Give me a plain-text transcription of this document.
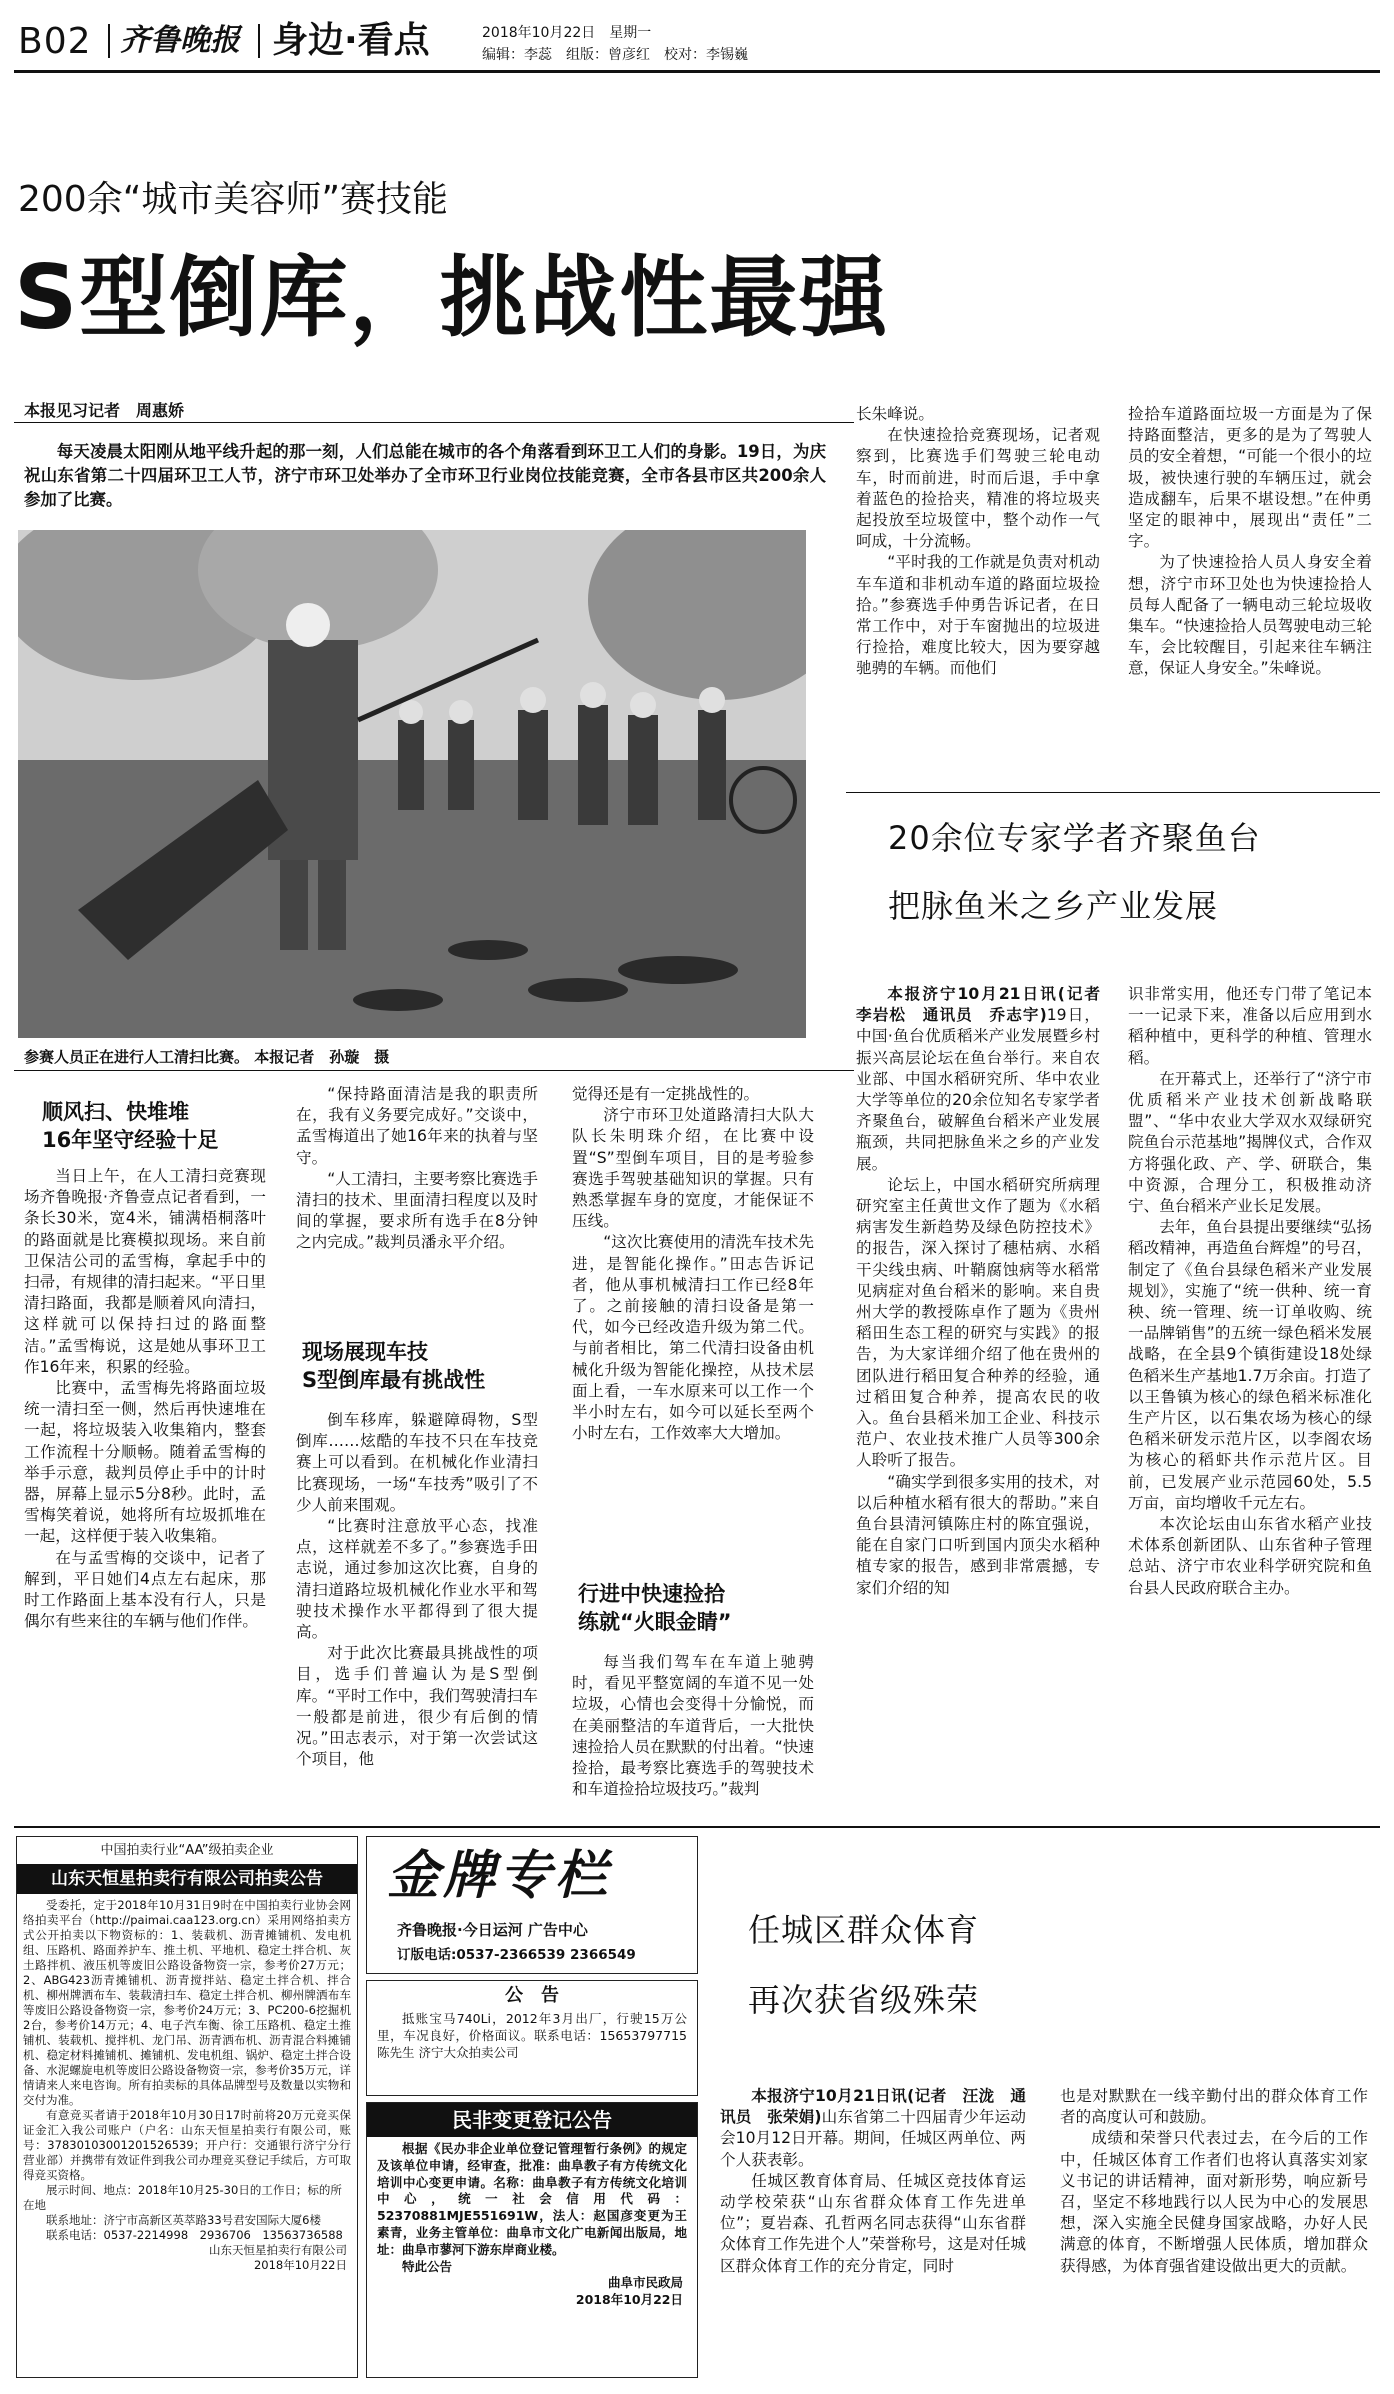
B02 齐鲁晚报 身边·看点	2018年10月22日　 星期一
编辑：李蕊　组版：曾彦红　校对：李锡巍
200余“城市美容师”赛技能
S型倒库，挑战性最强
本报见习记者　周惠娇
每天凌晨太阳刚从地平线升起的那一刻，人们总能在城市的各个角落看到环卫工人们的身影。19日，为庆祝山东省第二十四届环卫工人节，济宁市环卫处举办了全市环卫行业岗位技能竞赛，全市各县市区共200余人参加了比赛。
参赛人员正在进行人工清扫比赛。 本报记者　孙璇　摄
顺风扫、快堆堆
16年坚守经验十足

当日上午，在人工清扫竞赛现场齐鲁晚报·齐鲁壹点记者看到，一条长30米，宽4米，铺满梧桐落叶的路面就是比赛模拟现场。来自前卫保洁公司的孟雪梅，拿起手中的扫帚，有规律的清扫起来。“平日里清扫路面，我都是顺着风向清扫，这样就可以保持扫过的路面整洁。”孟雪梅说，这是她从事环卫工作16年来，积累的经验。

比赛中，孟雪梅先将路面垃圾统一清扫至一侧，然后再快速堆在一起，将垃圾装入收集箱内，整套工作流程十分顺畅。随着孟雪梅的举手示意，裁判员停止手中的计时器，屏幕上显示5分8秒。此时，孟雪梅笑着说，她将所有垃圾抓堆在一起，这样便于装入收集箱。

在与孟雪梅的交谈中，记者了解到，平日她们4点左右起床，那时工作路面上基本没有行人，只是偶尔有些来往的车辆与他们作伴。

“保持路面清洁是我的职责所在，我有义务要完成好。”交谈中，孟雪梅道出了她16年来的执着与坚守。

“人工清扫，主要考察比赛选手清扫的技术、里面清扫程度以及时间的掌握，要求所有选手在8分钟之内完成。”裁判员潘永平介绍。

现场展现车技
S型倒库最有挑战性

倒车移库，躲避障碍物，S型倒库……炫酷的车技不只在车技竞赛上可以看到。在机械化作业清扫比赛现场，一场“车技秀”吸引了不少人前来围观。

“比赛时注意放平心态，找准点，这样就差不多了。”参赛选手田志说，通过参加这次比赛，自身的清扫道路垃圾机械化作业水平和驾驶技术操作水平都得到了很大提高。

对于此次比赛最具挑战性的项目，选手们普遍认为是S型倒库。“平时工作中，我们驾驶清扫车一般都是前进，很少有后倒的情况。”田志表示，对于第一次尝试这个项目，他

觉得还是有一定挑战性的。

济宁市环卫处道路清扫大队大队长朱明珠介绍，在比赛中设置“S”型倒车项目，目的是考验参赛选手驾驶基础知识的掌握。只有熟悉掌握车身的宽度，才能保证不压线。

“这次比赛使用的清洗车技术先进，是智能化操作。”田志告诉记者，他从事机械清扫工作已经8年了。之前接触的清扫设备是第一代，如今已经改造升级为第二代。与前者相比，第二代清扫设备由机械化升级为智能化操控，从技术层面上看，一车水原来可以工作一个半小时左右，如今可以延长至两个小时左右，工作效率大大增加。

行进中快速捡拾
练就“火眼金睛”

每当我们驾车在车道上驰骋时，看见平整宽阔的车道不见一处垃圾，心情也会变得十分愉悦，而在美丽整洁的车道背后，一大批快速捡拾人员在默默的付出着。“快速捡拾，最考察比赛选手的驾驶技术和车道捡拾垃圾技巧。”裁判

长朱峰说。

在快速捡拾竞赛现场，记者观察到，比赛选手们驾驶三轮电动车，时而前进，时而后退，手中拿着蓝色的捡拾夹，精准的将垃圾夹起投放至垃圾筐中，整个动作一气呵成，十分流畅。

“平时我的工作就是负责对机动车车道和非机动车道的路面垃圾捡拾。”参赛选手仲勇告诉记者，在日常工作中，对于车窗抛出的垃圾进行捡拾，难度比较大，因为要穿越驰骋的车辆。而他们

捡拾车道路面垃圾一方面是为了保持路面整洁，更多的是为了驾驶人员的安全着想，“可能一个很小的垃圾，被快速行驶的车辆压过，就会造成翻车，后果不堪设想。”在仲勇坚定的眼神中，展现出“责任”二字。

为了快速捡拾人员人身安全着想，济宁市环卫处也为快速捡拾人员每人配备了一辆电动三轮垃圾收集车。“快速捡拾人员驾驶电动三轮车，会比较醒目，引起来往车辆注意，保证人身安全。”朱峰说。

20余位专家学者齐聚鱼台
把脉鱼米之乡产业发展

本报济宁10月21日讯(记者　李岩松　通讯员　乔志宇)19日，中国·鱼台优质稻米产业发展暨乡村振兴高层论坛在鱼台举行。来自农业部、中国水稻研究所、华中农业大学等单位的20余位知名专家学者齐聚鱼台，破解鱼台稻米产业发展瓶颈，共同把脉鱼米之乡的产业发展。

论坛上，中国水稻研究所病理研究室主任黄世文作了题为《水稻病害发生新趋势及绿色防控技术》的报告，深入探讨了穗枯病、水稻干尖线虫病、叶鞘腐蚀病等水稻常见病症对鱼台稻米的影响。来自贵州大学的教授陈卓作了题为《贵州稻田生态工程的研究与实践》的报告，为大家详细介绍了他在贵州的团队进行稻田复合种养的经验，通过稻田复合种养，提高农民的收入。鱼台县稻米加工企业、科技示范户、农业技术推广人员等300余人聆听了报告。

“确实学到很多实用的技术，对以后种植水稻有很大的帮助。”来自鱼台县清河镇陈庄村的陈宜强说，能在自家门口听到国内顶尖水稻种植专家的报告，感到非常震撼，专家们介绍的知

识非常实用，他还专门带了笔记本一一记录下来，准备以后应用到水稻种植中，更科学的种植、管理水稻。

在开幕式上，还举行了“济宁市优质稻米产业技术创新战略联盟”、“华中农业大学双水双绿研究院鱼台示范基地”揭牌仪式，合作双方将强化政、产、学、研联合，集中资源，合理分工，积极推动济宁、鱼台稻米产业长足发展。

去年，鱼台县提出要继续“弘扬稻改精神，再造鱼台辉煌”的号召，制定了《鱼台县绿色稻米产业发展规划》，实施了“统一供种、统一育秧、统一管理、统一订单收购、统一品牌销售”的五统一绿色稻米发展战略，在全县9个镇街建设18处绿色稻米生产基地1.7万余亩。打造了以王鲁镇为核心的绿色稻米标准化生产片区，以石集农场为核心的绿色稻米研发示范片区，以李阁农场为核心的稻虾共作示范片区。目前，已发展产业示范园60处，5.5万亩，亩均增收千元左右。

本次论坛由山东省水稻产业技术体系创新团队、山东省种子管理总站、济宁市农业科学研究院和鱼台县人民政府联合主办。

中国拍卖行业“AA”级拍卖企业
山东天恒星拍卖行有限公司拍卖公告
受委托，定于2018年10月31日9时在中国拍卖行业协会网络拍卖平台（http://paimai.caa123.org.cn）采用网络拍卖方式公开拍卖以下物资标的：1、装载机、沥青摊铺机、发电机组、压路机、路面养护车、推土机、平地机、稳定土拌合机、灰土路拌机、液压机等废旧公路设备物资一宗，参考价27万元；2、ABG423沥青摊铺机、沥青搅拌站、稳定土拌合机、拌合机、柳州牌洒布车、装载清扫车、稳定土拌合机、柳州牌洒布车等废旧公路设备物资一宗，参考价24万元；3、PC200-6挖掘机2台，参考价14万元；4、电子汽车衡、徐工压路机、稳定土推铺机、装载机、搅拌机、龙门吊、沥青洒布机、沥青混合料摊铺机、稳定材料摊铺机、摊铺机、发电机组、锅炉、稳定土拌合设备、水泥螺旋电机等废旧公路设备物资一宗，参考价35万元，详情请来人来电咨询。所有拍卖标的具体品牌型号及数量以实物和交付为准。
有意竞买者请于2018年10月30日17时前将20万元竞买保证金汇入我公司账户（户名：山东天恒星拍卖行有限公司，账号：37830103001201526539；开户行：交通银行济宁分行营业部）并携带有效证件到我公司办理竞买登记手续后，方可取得竞买资格。
展示时间、地点：2018年10月25-30日的工作日；标的所在地
联系地址：济宁市高新区英萃路33号君安国际大厦6楼
联系电话：0537-2214998　2936706　13563736588
山东天恒星拍卖行有限公司
2018年10月22日
金牌专栏
齐鲁晚报·今日运河 广告中心
订版电话:0537-2366539 2366549
公　告
抵账宝马740Li，2012年3月出厂，行驶15万公里，车况良好，价格面议。联系电话：15653797715 陈先生 济宁大众拍卖公司
民非变更登记公告
根据《民办非企业单位登记管理暂行条例》的规定及该单位申请，经审查，批准：曲阜教子有方传统文化培训中心变更申请。名称：曲阜教子有方传统文化培训中心，统一社会信用代码：52370881MJE551691W，法人：赵国彦变更为王素青，业务主管单位：曲阜市文化广电新闻出版局，地址：曲阜市蓼河下游东岸商业楼。
特此公告
曲阜市民政局
2018年10月22日
任城区群众体育
再次获省级殊荣

本报济宁10月21日讯(记者　汪泷　通讯员　张荣娟)山东省第二十四届青少年运动会10月12日开幕。期间，任城区两单位、两个人获表彰。

任城区教育体育局、任城区竞技体育运动学校荣获“山东省群众体育工作先进单位”；夏岩森、孔哲两名同志获得“山东省群众体育工作先进个人”荣誉称号，这是对任城区群众体育工作的充分肯定，同时

也是对默默在一线辛勤付出的群众体育工作者的高度认可和鼓励。

成绩和荣誉只代表过去，在今后的工作中，任城区体育工作者们也将认真落实刘家义书记的讲话精神，面对新形势，响应新号召，坚定不移地践行以人民为中心的发展思想，深入实施全民健身国家战略，办好人民满意的体育，不断增强人民体质，增加群众获得感，为体育强省建设做出更大的贡献。
